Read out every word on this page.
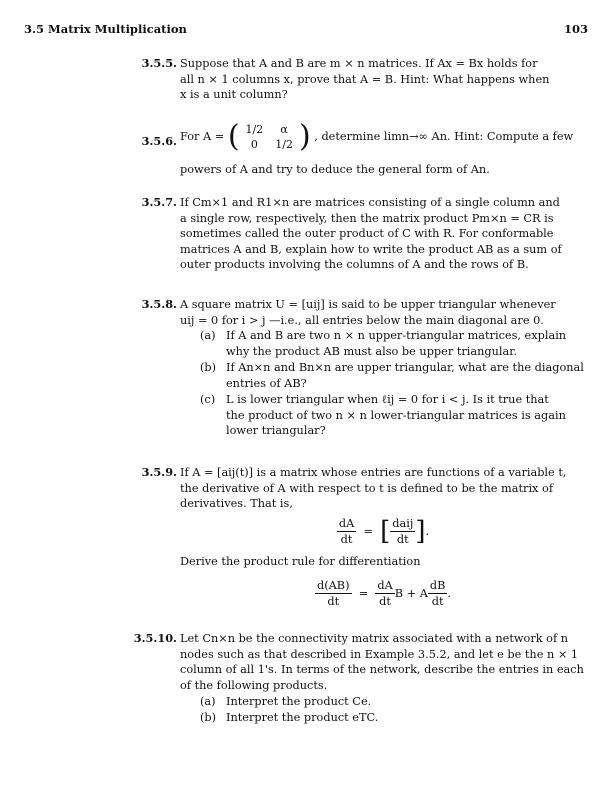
3.5 Matrix Multiplication	103
3.5.5. Suppose that A and B are m × n matrices. If Ax = Bx holds for
all n × 1 columns x, prove that A = B. Hint: What happens when
x is a unit column?
3.5.6. For A = ( 1/2	α
0	1/2 ) , determine limn→∞ An. Hint: Compute a few
powers of A and try to deduce the general form of An.
3.5.7. If Cm×1 and R1×n are matrices consisting of a single column and
a single row, respectively, then the matrix product Pm×n = CR is
sometimes called the outer product of C with R. For conformable
matrices A and B, explain how to write the product AB as a sum of
outer products involving the columns of A and the rows of B.
3.5.8. A square matrix U = [uij] is said to be upper triangular whenever
uij = 0 for i > j —i.e., all entries below the main diagonal are 0.
(a) If A and B are two n × n upper-triangular matrices, explain
why the product AB must also be upper triangular.
(b) If An×n and Bn×n are upper triangular, what are the diagonal
entries of AB?
(c) L is lower triangular when ℓij = 0 for i < j. Is it true that
the product of two n × n lower-triangular matrices is again
lower triangular?
3.5.9. If A = [aij(t)] is a matrix whose entries are functions of a variable t,
the derivative of A with respect to t is defined to be the matrix of
derivatives. That is,
$\frac{dA}{dt}$ =  [ $\frac{\text{daij}}{dt}$ ].
Derive the product rule for differentiation
$\frac{d(AB)}{dt} = \frac{dA}{dt}$ B + A $\frac{dB}{dt}$ .
3.5.10. Let Cn×n be the connectivity matrix associated with a network of n
nodes such as that described in Example 3.5.2, and let e be the n × 1
column of all 1's. In terms of the network, describe the entries in each
of the following products.
(a) Interpret the product Ce.
(b) Interpret the product eTC.
